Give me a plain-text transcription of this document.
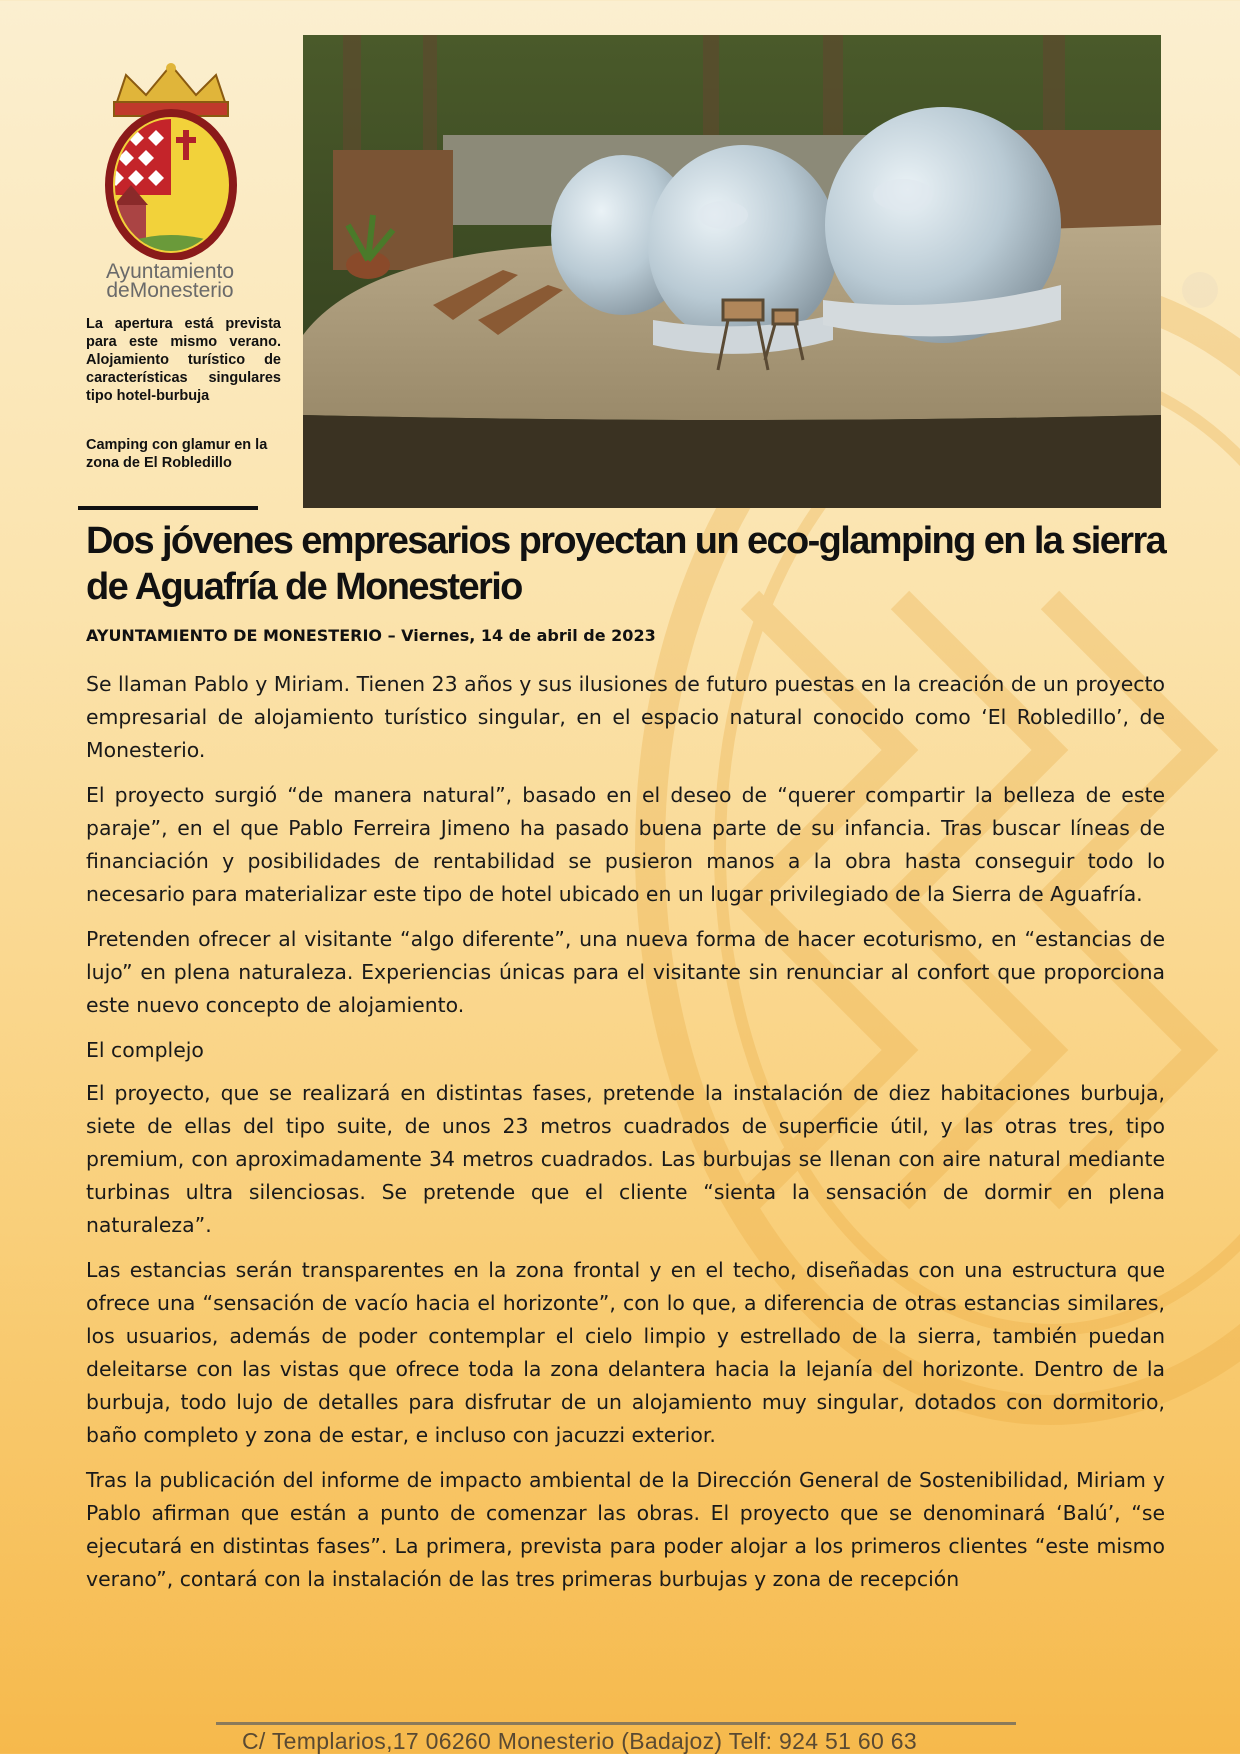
Ayuntamiento
deMonesterio
La apertura está prevista para este mismo verano. Alojamiento turístico de características singulares tipo hotel-burbuja
Camping con glamur en la zona de El Robledillo
Dos jóvenes empresarios proyectan un eco-glamping en la sierra de Aguafría de Monesterio
AYUNTAMIENTO DE MONESTERIO – Viernes, 14 de abril de 2023

Se llaman Pablo y Miriam. Tienen 23 años y sus ilusiones de futuro puestas en la creación de un proyecto empresarial de alojamiento turístico singular, en el espacio natural conocido como ‘El Robledillo’, de Monesterio.

El proyecto surgió “de manera natural”, basado en el deseo de “querer compartir la belleza de este paraje”, en el que Pablo Ferreira Jimeno ha pasado buena parte de su infancia. Tras buscar líneas de financiación y posibilidades de rentabilidad se pusieron manos a la obra hasta conseguir todo lo necesario para materializar este tipo de hotel ubicado en un lugar privilegiado de la Sierra de Aguafría.

Pretenden ofrecer al visitante “algo diferente”, una nueva forma de hacer ecoturismo, en “estancias de lujo” en plena naturaleza. Experiencias únicas para el visitante sin renunciar al confort que proporciona este nuevo concepto de alojamiento.

El complejo

El proyecto, que se realizará en distintas fases, pretende la instalación de diez habitaciones burbuja, siete de ellas del tipo suite, de unos 23 metros cuadrados de superficie útil, y las otras tres, tipo premium, con aproximadamente 34 metros cuadrados. Las burbujas se llenan con aire natural mediante turbinas ultra silenciosas. Se pretende que el cliente “sienta la sensación de dormir en plena naturaleza”.

Las estancias serán transparentes en la zona frontal y en el techo, diseñadas con una estructura que ofrece una “sensación de vacío hacia el horizonte”, con lo que, a diferencia de otras estancias similares, los usuarios, además de poder contemplar el cielo limpio y estrellado de la sierra, también puedan deleitarse con las vistas que ofrece toda la zona delantera hacia la lejanía del horizonte. Dentro de la burbuja, todo lujo de detalles para disfrutar de un alojamiento muy singular, dotados con dormitorio, baño completo y zona de estar, e incluso con jacuzzi exterior.

Tras la publicación del informe de impacto ambiental de la Dirección General de Sostenibilidad, Miriam y Pablo afirman que están a punto de comenzar las obras. El proyecto que se denominará ‘Balú’, “se ejecutará en distintas fases”. La primera, prevista para poder alojar a los primeros clientes “este mismo verano”, contará con la instalación de las tres primeras burbujas y zona de recepción

C/ Templarios,17 06260 Monesterio (Badajoz) Telf: 924 51 60 63
